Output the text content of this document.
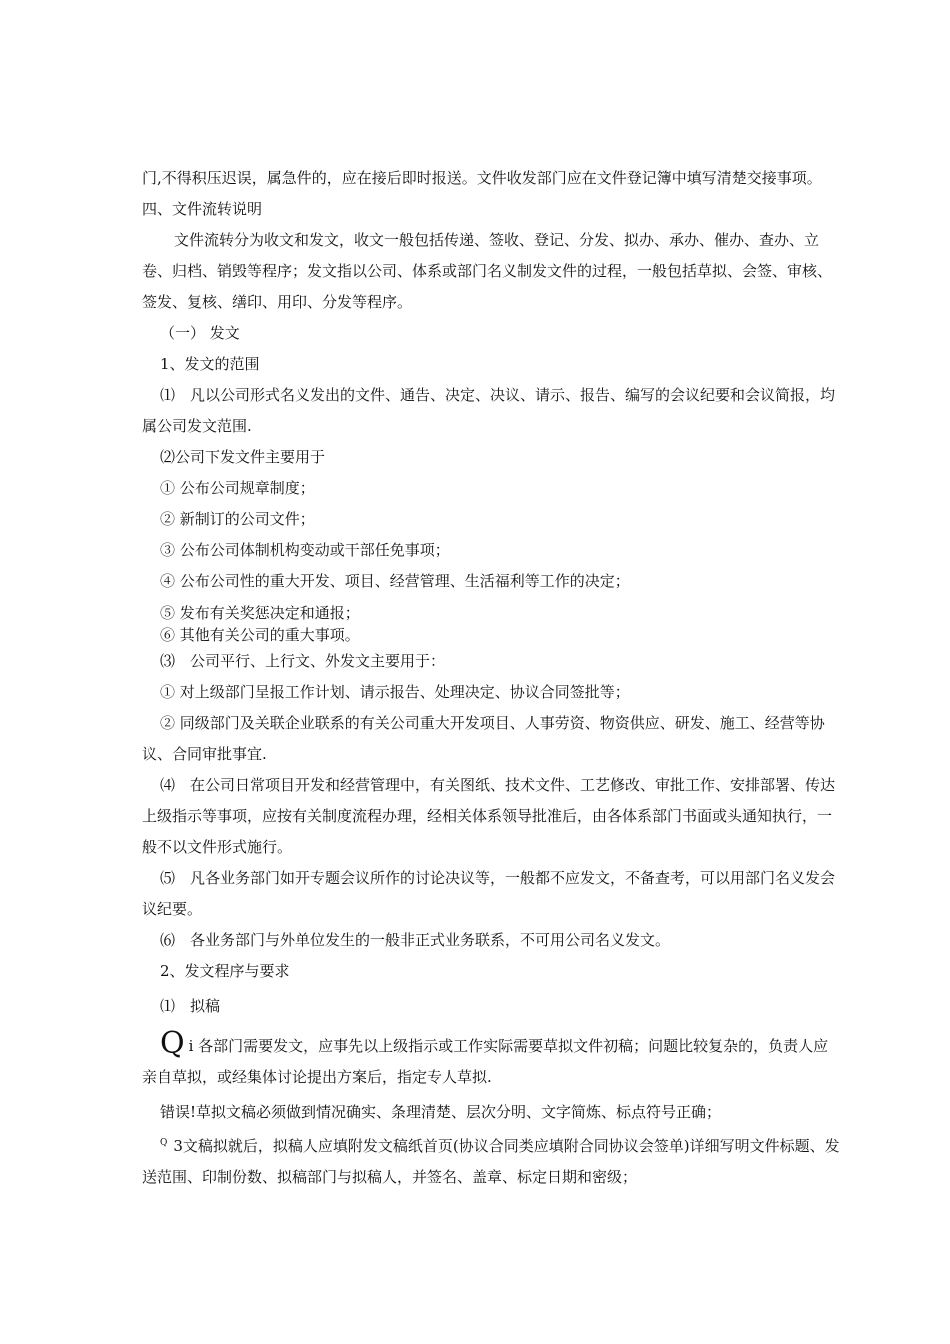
门,不得积压迟误，属急件的，应在接后即时报送。文件收发部门应在文件登记簿中填写清楚交接事项。

四、文件流转说明

文件流转分为收文和发文，收文一般包括传递、签收、登记、分发、拟办、承办、催办、查办、立卷、归档、销毁等程序；发文指以公司、体系或部门名义制发文件的过程，一般包括草拟、会签、审核、签发、复核、缮印、用印、分发等程序。

（一） 发文

1、发文的范围

⑴　凡以公司形式名义发出的文件、通告、决定、决议、请示、报告、编写的会议纪要和会议简报，均属公司发文范围.

⑵公司下发文件主要用于

① 公布公司规章制度；

② 新制订的公司文件；

③ 公布公司体制机构变动或干部任免事项；

④ 公布公司性的重大开发、项目、经营管理、生活福利等工作的决定；

⑤ 发布有关奖惩决定和通报；

⑥ 其他有关公司的重大事项。

⑶　公司平行、上行文、外发文主要用于：

① 对上级部门呈报工作计划、请示报告、处理决定、协议合同签批等；

② 同级部门及关联企业联系的有关公司重大开发项目、人事劳资、物资供应、研发、施工、经营等协议、合同审批事宜.

⑷　在公司日常项目开发和经营管理中，有关图纸、技术文件、工艺修改、审批工作、安排部署、传达上级指示等事项，应按有关制度流程办理，经相关体系领导批准后，由各体系部门书面或头通知执行，一般不以文件形式施行。

⑸　凡各业务部门如开专题会议所作的讨论决议等，一般都不应发文，不备查考，可以用部门名义发会议纪要。

⑹　各业务部门与外单位发生的一般非正式业务联系，不可用公司名义发文。

2、发文程序与要求

⑴　拟稿

Qi 各部门需要发文，应事先以上级指示或工作实际需要草拟文件初稿；问题比较复杂的，负责人应亲自草拟，或经集体讨论提出方案后，指定专人草拟.

错误!草拟文稿必须做到情况确实、条理清楚、层次分明、文字简炼、标点符号正确；

$^Q$ 3文稿拟就后，拟稿人应填附发文稿纸首页(协议合同类应填附合同协议会签单)详细写明文件标题、发送范围、印制份数、拟稿部门与拟稿人，并签名、盖章、标定日期和密级；
